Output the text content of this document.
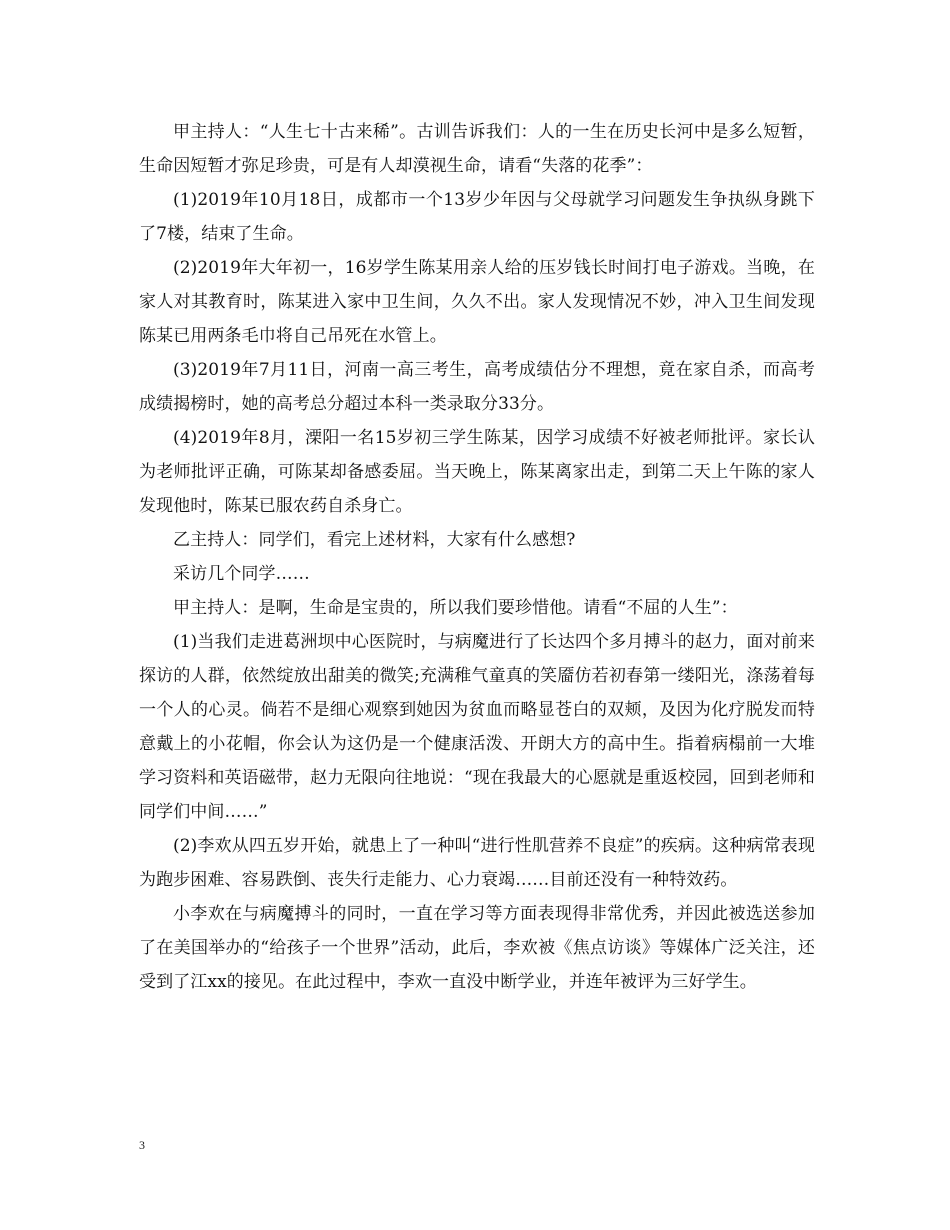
甲主持人：“人生七十古来稀”。古训告诉我们：人的一生在历史长河中是多么短暂，生命因短暂才弥足珍贵，可是有人却漠视生命，请看“失落的花季”：

(1)2019年10月18日，成都市一个13岁少年因与父母就学习问题发生争执纵身跳下了7楼，结束了生命。

(2)2019年大年初一，16岁学生陈某用亲人给的压岁钱长时间打电子游戏。当晚，在家人对其教育时，陈某进入家中卫生间，久久不出。家人发现情况不妙，冲入卫生间发现陈某已用两条毛巾将自己吊死在水管上。

(3)2019年7月11日，河南一高三考生，高考成绩估分不理想，竟在家自杀，而高考成绩揭榜时，她的高考总分超过本科一类录取分33分。

(4)2019年8月，溧阳一名15岁初三学生陈某，因学习成绩不好被老师批评。家长认为老师批评正确，可陈某却备感委屈。当天晚上，陈某离家出走，到第二天上午陈的家人发现他时，陈某已服农药自杀身亡。

乙主持人：同学们，看完上述材料，大家有什么感想?

采访几个同学……

甲主持人：是啊，生命是宝贵的，所以我们要珍惜他。请看“不屈的人生”：

(1)当我们走进葛洲坝中心医院时，与病魔进行了长达四个多月搏斗的赵力，面对前来探访的人群，依然绽放出甜美的微笑;充满稚气童真的笑靥仿若初春第一缕阳光，涤荡着每一个人的心灵。倘若不是细心观察到她因为贫血而略显苍白的双颊，及因为化疗脱发而特意戴上的小花帽，你会认为这仍是一个健康活泼、开朗大方的高中生。指着病榻前一大堆学习资料和英语磁带，赵力无限向往地说：“现在我最大的心愿就是重返校园，回到老师和同学们中间……”

(2)李欢从四五岁开始，就患上了一种叫“进行性肌营养不良症”的疾病。这种病常表现为跑步困难、容易跌倒、丧失行走能力、心力衰竭……目前还没有一种特效药。

小李欢在与病魔搏斗的同时，一直在学习等方面表现得非常优秀，并因此被选送参加了在美国举办的“给孩子一个世界”活动，此后，李欢被《焦点访谈》等媒体广泛关注，还受到了江xx的接见。在此过程中，李欢一直没中断学业，并连年被评为三好学生。

3
